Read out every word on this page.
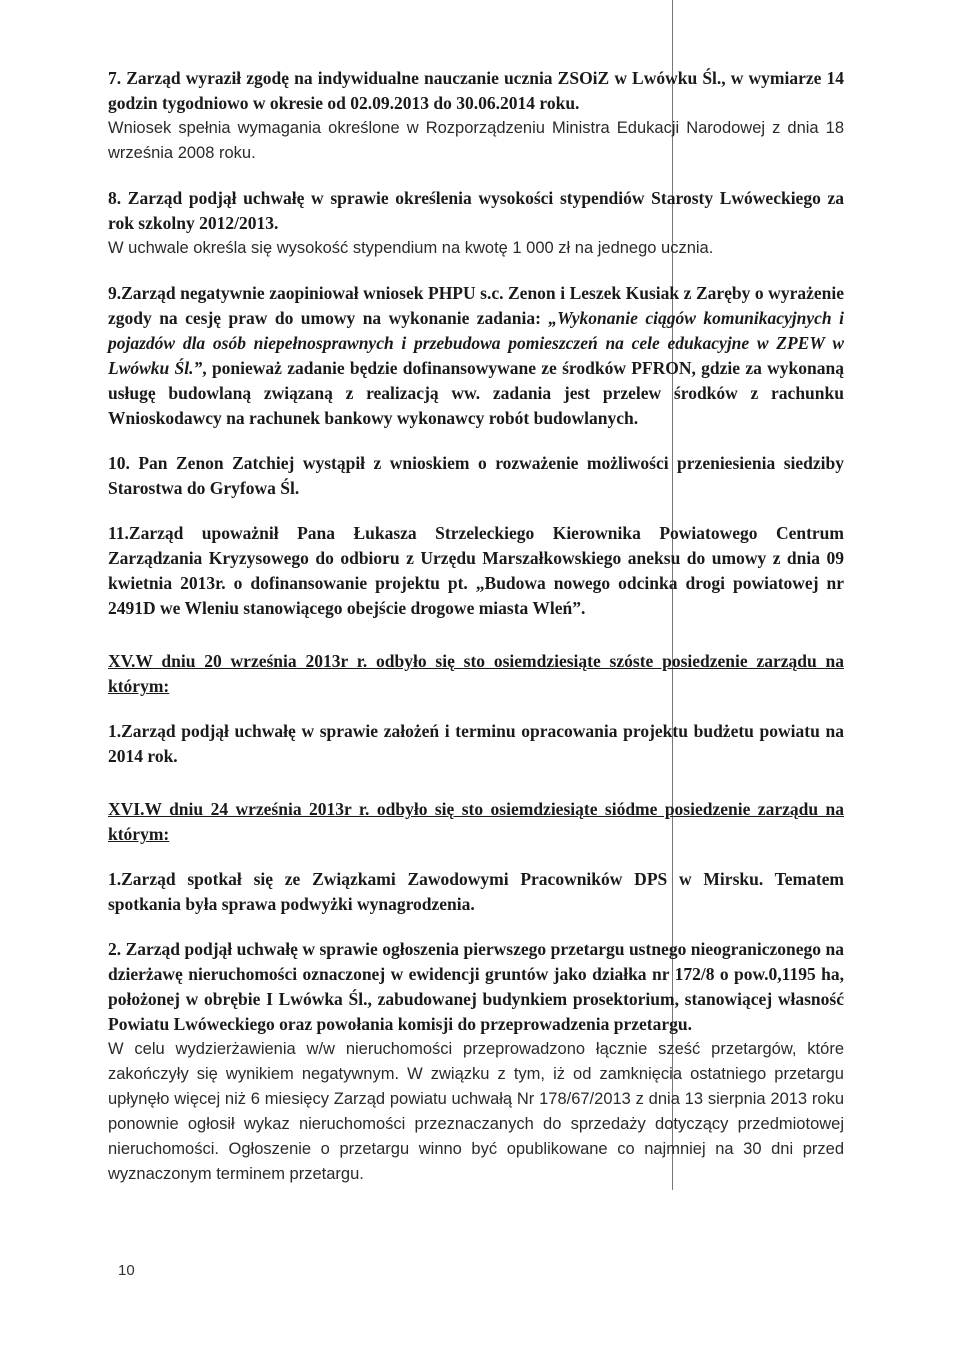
7. Zarząd wyraził zgodę na indywidualne nauczanie ucznia ZSOiZ w Lwówku Śl., w wymiarze 14 godzin tygodniowo w okresie od 02.09.2013 do 30.06.2014 roku.

Wniosek spełnia wymagania określone w Rozporządzeniu Ministra Edukacji Narodowej z dnia 18 września 2008 roku.

8. Zarząd podjął uchwałę w sprawie określenia wysokości stypendiów Starosty Lwóweckiego za rok szkolny 2012/2013.

W uchwale określa się wysokość stypendium na kwotę 1 000 zł na jednego ucznia.

9.Zarząd negatywnie zaopiniował wniosek PHPU s.c. Zenon i Leszek Kusiak z Zaręby o wyrażenie zgody na cesję praw do umowy na wykonanie zadania: „Wykonanie ciągów komunikacyjnych i pojazdów dla osób niepełnosprawnych i przebudowa pomieszczeń na cele edukacyjne w ZPEW w Lwówku Śl.”, ponieważ zadanie będzie dofinansowywane ze środków PFRON, gdzie za wykonaną usługę budowlaną związaną z realizacją ww. zadania jest przelew środków z rachunku Wnioskodawcy na rachunek bankowy wykonawcy robót budowlanych.

10. Pan Zenon Zatchiej wystąpił z wnioskiem o rozważenie możliwości przeniesienia siedziby Starostwa do Gryfowa Śl.

11.Zarząd upoważnił Pana Łukasza Strzeleckiego Kierownika Powiatowego Centrum Zarządzania Kryzysowego do odbioru z Urzędu Marszałkowskiego aneksu do umowy z dnia 09 kwietnia 2013r. o dofinansowanie projektu pt. „Budowa nowego odcinka drogi powiatowej nr 2491D we Wleniu stanowiącego obejście drogowe miasta Wleń”.

XV.W dniu 20 września 2013r r. odbyło się sto osiemdziesiąte szóste posiedzenie zarządu na którym:

1.Zarząd podjął uchwałę w sprawie założeń i terminu opracowania projektu budżetu powiatu na 2014 rok.

XVI.W dniu 24 września 2013r r. odbyło się sto osiemdziesiąte siódme posiedzenie zarządu na którym:

1.Zarząd spotkał się ze Związkami Zawodowymi Pracowników DPS w Mirsku. Tematem spotkania była sprawa podwyżki wynagrodzenia.

2. Zarząd podjął uchwałę w sprawie ogłoszenia pierwszego przetargu ustnego nieograniczonego na dzierżawę nieruchomości oznaczonej w ewidencji gruntów jako działka nr 172/8 o pow.0,1195 ha, położonej w obrębie I Lwówka Śl., zabudowanej budynkiem prosektorium, stanowiącej własność Powiatu Lwóweckiego oraz powołania komisji do przeprowadzenia przetargu.

W celu wydzierżawienia w/w nieruchomości przeprowadzono łącznie sześć przetargów, które zakończyły się wynikiem negatywnym. W związku z tym, iż od zamknięcia ostatniego przetargu upłynęło więcej niż 6 miesięcy Zarząd powiatu uchwałą Nr 178/67/2013 z dnia 13 sierpnia 2013 roku ponownie ogłosił wykaz nieruchomości przeznaczanych do sprzedaży dotyczący przedmiotowej nieruchomości. Ogłoszenie o przetargu winno być opublikowane co najmniej na 30 dni przed wyznaczonym terminem przetargu.

10
